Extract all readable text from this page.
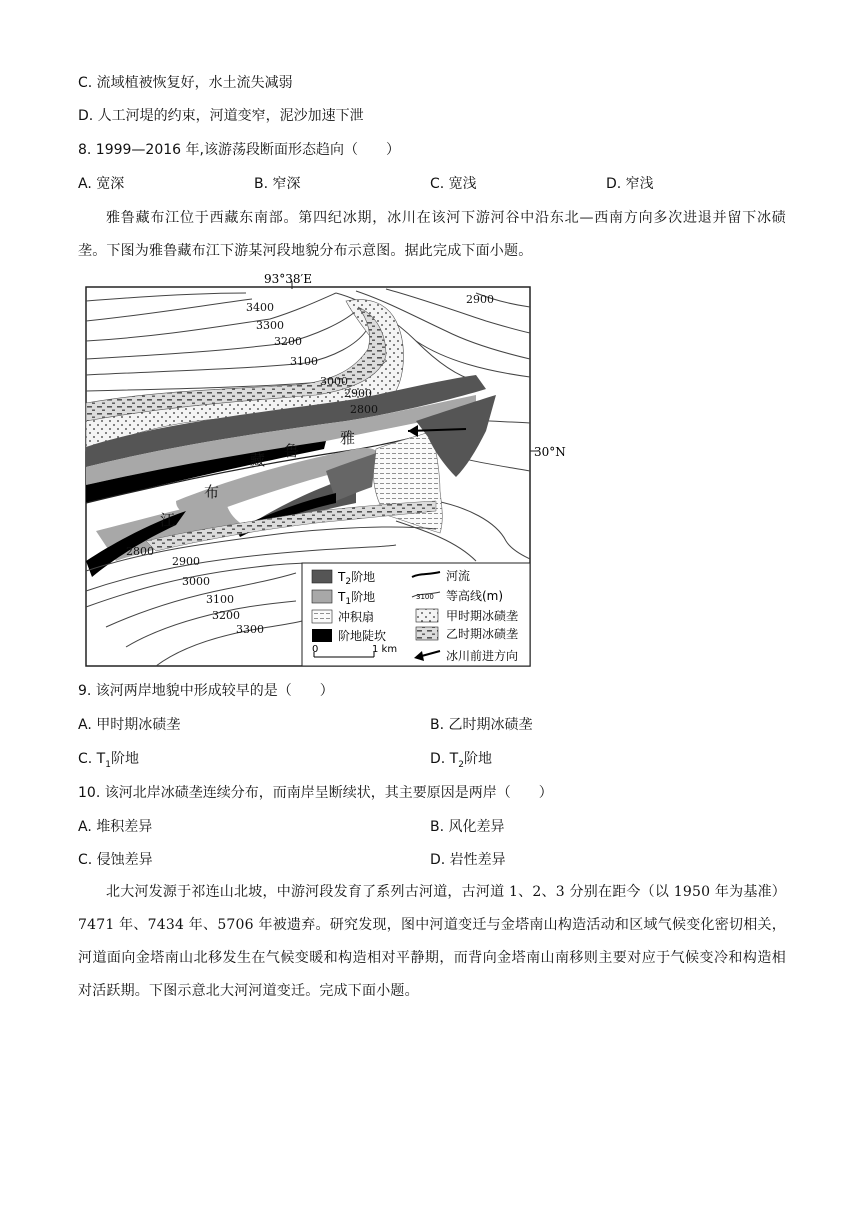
C. 流域植被恢复好，水土流失减弱
D. 人工河堤的约束，河道变窄，泥沙加速下泄
8. 1999—2016 年,该游荡段断面形态趋向（　　）
A. 宽深	B. 窄深	C. 宽浅	D. 窄浅
雅鲁藏布江位于西藏东南部。第四纪冰期，冰川在该河下游河谷中沿东北—西南方向多次进退并留下冰碛垄。下图为雅鲁藏布江下游某河段地貌分布示意图。据此完成下面小题。
93°38′E
30°N
3400
3300
3200
3100
3000
2900
2800
2900
2800
2900
3000
3100
3200
3300
雅
鲁
藏
布
江
$T_2$阶地
$T_1$阶地
冲积扇
阶地陡坎
河流
3100 等高线(m)
甲时期冰碛垄
乙时期冰碛垄
冰川前进方向
0	1 km
9. 该河两岸地貌中形成较早的是（　　）
A. 甲时期冰碛垄	B. 乙时期冰碛垄
C. $T_1$阶地	D. $T_2$阶地
10. 该河北岸冰碛垄连续分布，而南岸呈断续状，其主要原因是两岸（　　）
A. 堆积差异	B. 风化差异
C. 侵蚀差异	D. 岩性差异
北大河发源于祁连山北坡，中游河段发育了系列古河道，古河道 1、2、3 分别在距今（以 1950 年为基准）7471 年、7434 年、5706 年被遗弃。研究发现，图中河道变迁与金塔南山构造活动和区域气候变化密切相关，河道面向金塔南山北移发生在气候变暖和构造相对平静期，而背向金塔南山南移则主要对应于气候变冷和构造相对活跃期。下图示意北大河河道变迁。完成下面小题。
